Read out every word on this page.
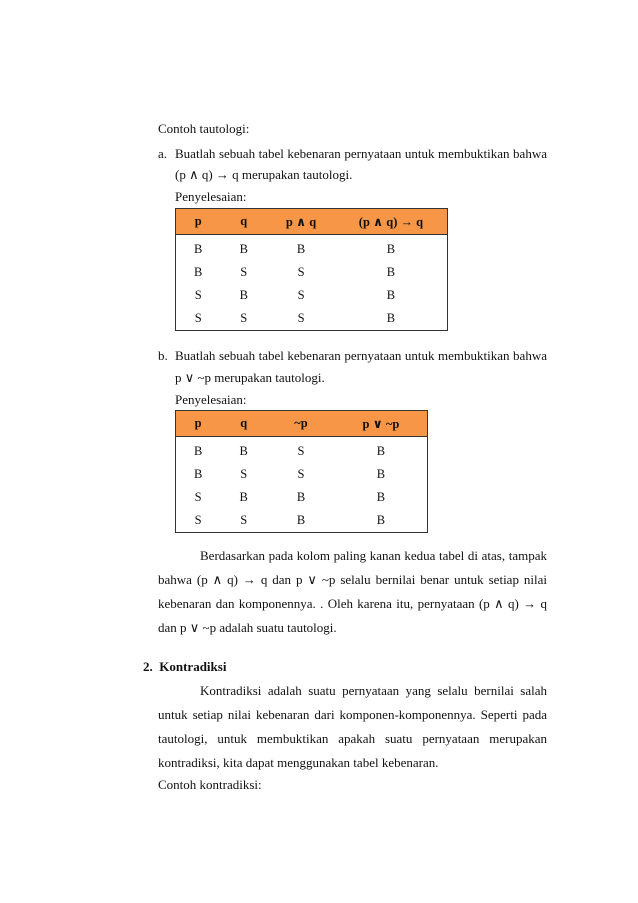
Contoh tautologi:
a. Buatlah sebuah tabel kebenaran pernyataan untuk membuktikan bahwa
(p ∧ q) → q merupakan tautologi.
Penyelesaian:
p	q	p ∧ q	(p ∧ q) → q
B	B	B	B
B	S	S	B
S	B	S	B
S	S	S	B
b. Buatlah sebuah tabel kebenaran pernyataan untuk membuktikan bahwa
p ∨ ~p merupakan tautologi.
Penyelesaian:
p	q	~p	p ∨ ~p
B	B	S	B
B	S	S	B
S	B	B	B
S	S	B	B
Berdasarkan pada kolom paling kanan kedua tabel di atas, tampak
bahwa (p ∧ q) → q dan p ∨ ~p selalu bernilai benar untuk setiap nilai
kebenaran dan komponennya. . Oleh karena itu, pernyataan (p ∧ q) → q
dan p ∨ ~p adalah suatu tautologi.
2.  Kontradiksi
Kontradiksi adalah suatu pernyataan yang selalu bernilai salah
untuk setiap nilai kebenaran dari komponen-komponennya. Seperti pada
tautologi, untuk membuktikan apakah suatu pernyataan merupakan
kontradiksi, kita dapat menggunakan tabel kebenaran.
Contoh kontradiksi:
